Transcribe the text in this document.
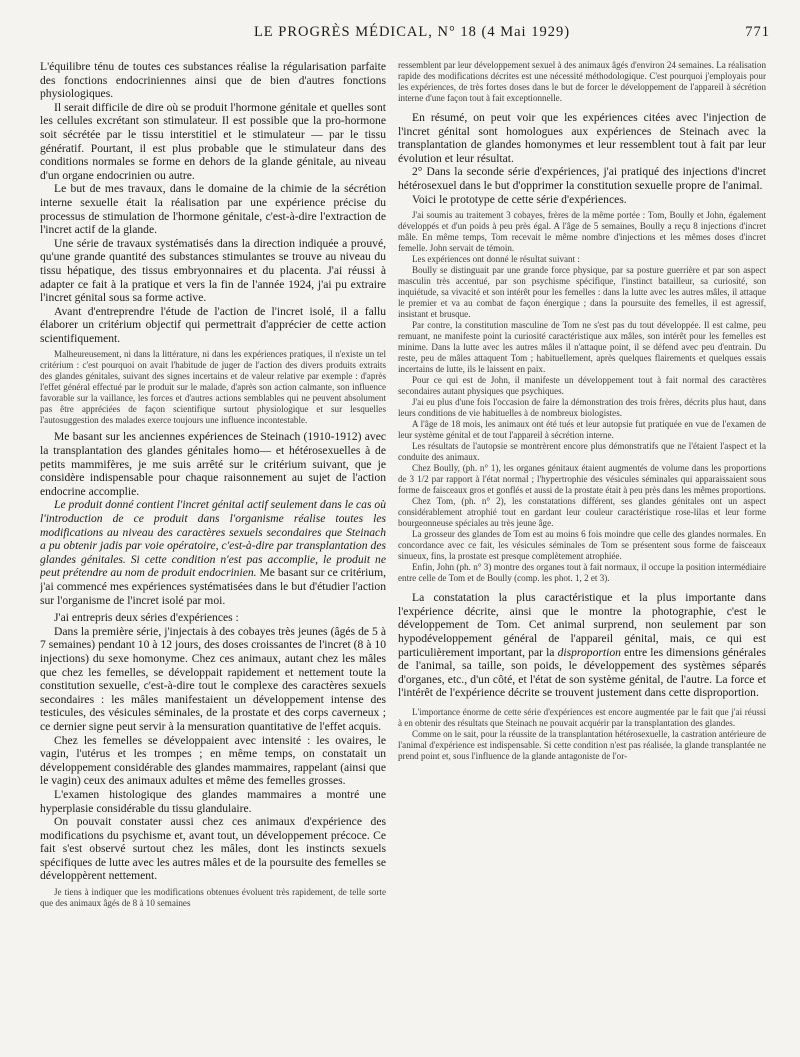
LE PROGRÈS MÉDICAL, N° 18 (4 Mai 1929)	771

L'équilibre ténu de toutes ces substances réalise la régularisation parfaite des fonctions endocriniennes ainsi que de bien d'autres fonctions physiologiques.

Il serait difficile de dire où se produit l'hormone génitale et quelles sont les cellules excrétant son stimulateur. Il est possible que la pro-hormone soit sécrétée par le tissu interstitiel et le stimulateur — par le tissu génératif. Pourtant, il est plus probable que le stimulateur dans des conditions normales se forme en dehors de la glande génitale, au niveau d'un organe endocrinien ou autre.

Le but de mes travaux, dans le domaine de la chimie de la sécrétion interne sexuelle était la réalisation par une expérience précise du processus de stimulation de l'hormone génitale, c'est-à-dire l'extraction de l'incret actif de la glande.

Une série de travaux systématisés dans la direction indiquée a prouvé, qu'une grande quantité des substances stimulantes se trouve au niveau du tissu hépatique, des tissus embryonnaires et du placenta. J'ai réussi à adapter ce fait à la pratique et vers la fin de l'année 1924, j'ai pu extraire l'incret génital sous sa forme active.

Avant d'entreprendre l'étude de l'action de l'incret isolé, il a fallu élaborer un critérium objectif qui permettrait d'apprécier de cette action scientifiquement.

Malheureusement, ni dans la littérature, ni dans les expériences pratiques, il n'existe un tel critérium : c'est pourquoi on avait l'habitude de juger de l'action des divers produits extraits des glandes génitales, suivant des signes incertains et de valeur relative par exemple : d'après l'effet général effectué par le produit sur le malade, d'après son action calmante, son influence favorable sur la vaillance, les forces et d'autres actions semblables qui ne peuvent absolument pas être appréciées de façon scientifique surtout physiologique et sur lesquelles l'autosuggestion des malades exerce toujours une influence incontestable.

Me basant sur les anciennes expériences de Steinach (1910-1912) avec la transplantation des glandes génitales homo— et hétérosexuelles à de petits mammifères, je me suis arrêté sur le critérium suivant, que je considère indispensable pour chaque raisonnement au sujet de l'action endocrine accomplie.

Le produit donné contient l'incret génital actif seulement dans le cas où l'introduction de ce produit dans l'organisme réalise toutes les modifications au niveau des caractères sexuels secondaires que Steinach a pu obtenir jadis par voie opératoire, c'est-à-dire par transplantation des glandes génitales. Si cette condition n'est pas accomplie, le produit ne peut prétendre au nom de produit endocrinien. Me basant sur ce critérium, j'ai commencé mes expériences systématisées dans le but d'étudier l'action sur l'organisme de l'incret isolé par moi.

J'ai entrepris deux séries d'expériences :

Dans la première série, j'injectais à des cobayes très jeunes (âgés de 5 à 7 semaines) pendant 10 à 12 jours, des doses croissantes de l'incret (8 à 10 injections) du sexe homonyme. Chez ces animaux, autant chez les mâles que chez les femelles, se développait rapidement et nettement toute la constitution sexuelle, c'est-à-dire tout le complexe des caractères sexuels secondaires : les mâles manifestaient un développement intense des testicules, des vésicules séminales, de la prostate et des corps caverneux ; ce dernier signe peut servir à la mensuration quantitative de l'effet acquis.

Chez les femelles se développaient avec intensité : les ovaires, le vagin, l'utérus et les trompes ; en même temps, on constatait un développement considérable des glandes mammaires, rappelant (ainsi que le vagin) ceux des animaux adultes et même des femelles grosses.

L'examen histologique des glandes mammaires a montré une hyperplasie considérable du tissu glandulaire.

On pouvait constater aussi chez ces animaux d'expérience des modifications du psychisme et, avant tout, un développement précoce. Ce fait s'est observé surtout chez les mâles, dont les instincts sexuels spécifiques de lutte avec les autres mâles et de la poursuite des femelles se développèrent nettement.

Je tiens à indiquer que les modifications obtenues évoluent très rapidement, de telle sorte que des animaux âgés de 8 à 10 semaines

ressemblent par leur développement sexuel à des animaux âgés d'environ 24 semaines. La réalisation rapide des modifications décrites est une nécessité méthodologique. C'est pourquoi j'employais pour les expériences, de très fortes doses dans le but de forcer le développement de l'appareil à sécrétion interne d'une façon tout à fait exceptionnelle.

En résumé, on peut voir que les expériences citées avec l'injection de l'incret génital sont homologues aux expériences de Steinach avec la transplantation de glandes homonymes et leur ressemblent tout à fait par leur évolution et leur résultat.

2° Dans la seconde série d'expériences, j'ai pratiqué des injections d'incret hétérosexuel dans le but d'opprimer la constitution sexuelle propre de l'animal.

Voici le prototype de cette série d'expériences.

J'ai soumis au traitement 3 cobayes, frères de la même portée : Tom, Boully et John, également développés et d'un poids à peu près égal. A l'âge de 5 semaines, Boully a reçu 8 injections d'incret mâle. En même temps, Tom recevait le même nombre d'injections et les mêmes doses d'incret femelle. John servait de témoin.

Les expériences ont donné le résultat suivant :

Boully se distinguait par une grande force physique, par sa posture guerrière et par son aspect masculin très accentué, par son psychisme spécifique, l'instinct batailleur, sa curiosité, son inquiétude, sa vivacité et son intérêt pour les femelles : dans la lutte avec les autres mâles, il attaque le premier et va au combat de façon énergique ; dans la poursuite des femelles, il est agressif, insistant et brusque.

Par contre, la constitution masculine de Tom ne s'est pas du tout développée. Il est calme, peu remuant, ne manifeste point la curiosité caractéristique aux mâles, son intérêt pour les femelles est minime. Dans la lutte avec les autres mâles il n'attaque point, il se défend avec peu d'entrain. Du reste, peu de mâles attaquent Tom ; habituellement, après quelques flairements et quelques essais incertains de lutte, ils le laissent en paix.

Pour ce qui est de John, il manifeste un développement tout à fait normal des caractères secondaires autant physiques que psychiques.

J'ai eu plus d'une fois l'occasion de faire la démonstration des trois frères, décrits plus haut, dans leurs conditions de vie habituelles à de nombreux biologistes.

A l'âge de 18 mois, les animaux ont été tués et leur autopsie fut pratiquée en vue de l'examen de leur système génital et de tout l'appareil à sécrétion interne.

Les résultats de l'autopsie se montrèrent encore plus démonstratifs que ne l'étaient l'aspect et la conduite des animaux.

Chez Boully, (ph. n° 1), les organes génitaux étaient augmentés de volume dans les proportions de 3 1/2 par rapport à l'état normal ; l'hypertrophie des vésicules séminales qui apparaissaient sous forme de faisceaux gros et gonflés et aussi de la prostate était à peu près dans les mêmes proportions.

Chez Tom, (ph. n° 2), les constatations différent, ses glandes génitales ont un aspect considérablement atrophié tout en gardant leur couleur caractéristique rose-lilas et leur forme bourgeonneuse spéciales au très jeune âge.

La grosseur des glandes de Tom est au moins 6 fois moindre que celle des glandes normales. En concordance avec ce fait, les vésicules séminales de Tom se présentent sous forme de faisceaux sinueux, fins, la prostate est presque complètement atrophiée.

Enfin, John (ph. n° 3) montre des organes tout à fait normaux, il occupe la position intermédiaire entre celle de Tom et de Boully (comp. les phot. 1, 2 et 3).

La constatation la plus caractéristique et la plus importante dans l'expérience décrite, ainsi que le montre la photographie, c'est le développement de Tom. Cet animal surprend, non seulement par son hypodéveloppement général de l'appareil génital, mais, ce qui est particulièrement important, par la disproportion entre les dimensions générales de l'animal, sa taille, son poids, le développement des systèmes séparés d'organes, etc., d'un côté, et l'état de son système génital, de l'autre. La force et l'intérêt de l'expérience décrite se trouvent justement dans cette disproportion.

L'importance énorme de cette série d'expériences est encore augmentée par le fait que j'ai réussi à en obtenir des résultats que Steinach ne pouvait acquérir par la transplantation des glandes.

Comme on le sait, pour la réussite de la transplantation hétérosexuelle, la castration antérieure de l'animal d'expérience est indispensable. Si cette condition n'est pas réalisée, la glande transplantée ne prend point et, sous l'influence de la glande antagoniste de l'or-
